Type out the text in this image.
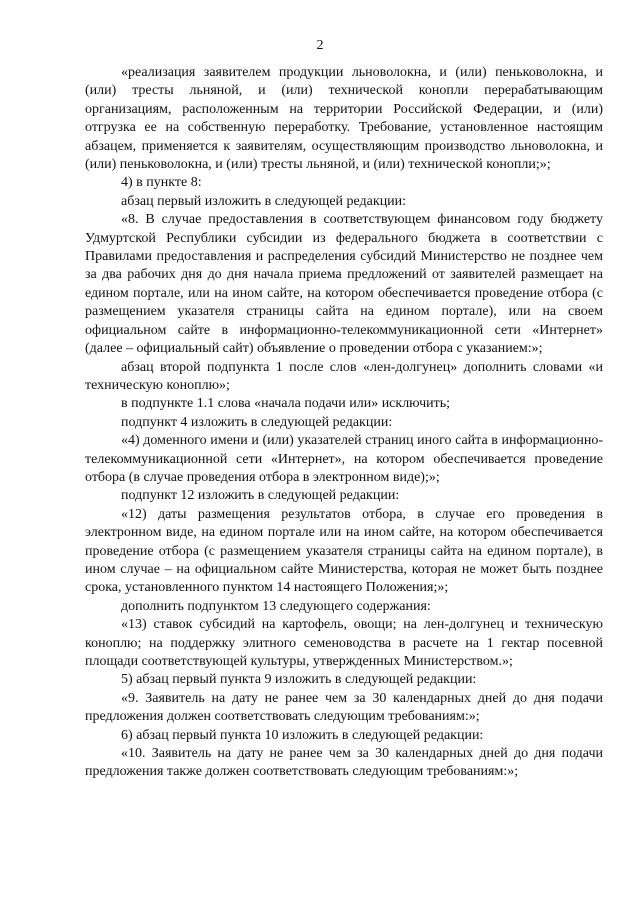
2

«реализация заявителем продукции льноволокна, и (или) пеньковолокна, и (или) тресты льняной, и (или) технической конопли перерабатывающим организациям, расположенным на территории Российской Федерации, и (или) отгрузка ее на собственную переработку. Требование, установленное настоящим абзацем, применяется к заявителям, осуществляющим производство льноволокна, и (или) пеньковолокна, и (или) тресты льняной, и (или) технической конопли;»;

4) в пункте 8:

абзац первый изложить в следующей редакции:

«8. В случае предоставления в соответствующем финансовом году бюджету Удмуртской Республики субсидии из федерального бюджета в соответствии с Правилами предоставления и распределения субсидий Министерство не позднее чем за два рабочих дня до дня начала приема предложений от заявителей размещает на едином портале, или на ином сайте, на котором обеспечивается проведение отбора (с размещением указателя страницы сайта на едином портале), или на своем официальном сайте в информационно-телекоммуникационной сети «Интернет» (далее – официальный сайт) объявление о проведении отбора с указанием:»;

абзац второй подпункта 1 после слов «лен-долгунец» дополнить словами «и техническую коноплю»;

в подпункте 1.1 слова «начала подачи или» исключить;

подпункт 4 изложить в следующей редакции:

«4) доменного имени и (или) указателей страниц иного сайта в информационно-телекоммуникационной сети «Интернет», на котором обеспечивается проведение отбора (в случае проведения отбора в электронном виде);»;

подпункт 12 изложить в следующей редакции:

«12) даты размещения результатов отбора, в случае его проведения в электронном виде, на едином портале или на ином сайте, на котором обеспечивается проведение отбора (с размещением указателя страницы сайта на едином портале), в ином случае – на официальном сайте Министерства, которая не может быть позднее срока, установленного пунктом 14 настоящего Положения;»;

дополнить подпунктом 13 следующего содержания:

«13) ставок субсидий на картофель, овощи; на лен-долгунец и техническую коноплю; на поддержку элитного семеноводства в расчете на 1 гектар посевной площади соответствующей культуры, утвержденных Министерством.»;

5) абзац первый пункта 9 изложить в следующей редакции:

«9. Заявитель на дату не ранее чем за 30 календарных дней до дня подачи предложения должен соответствовать следующим требованиям:»;

6) абзац первый пункта 10 изложить в следующей редакции:

«10. Заявитель на дату не ранее чем за 30 календарных дней до дня подачи предложения также должен соответствовать следующим требованиям:»;
